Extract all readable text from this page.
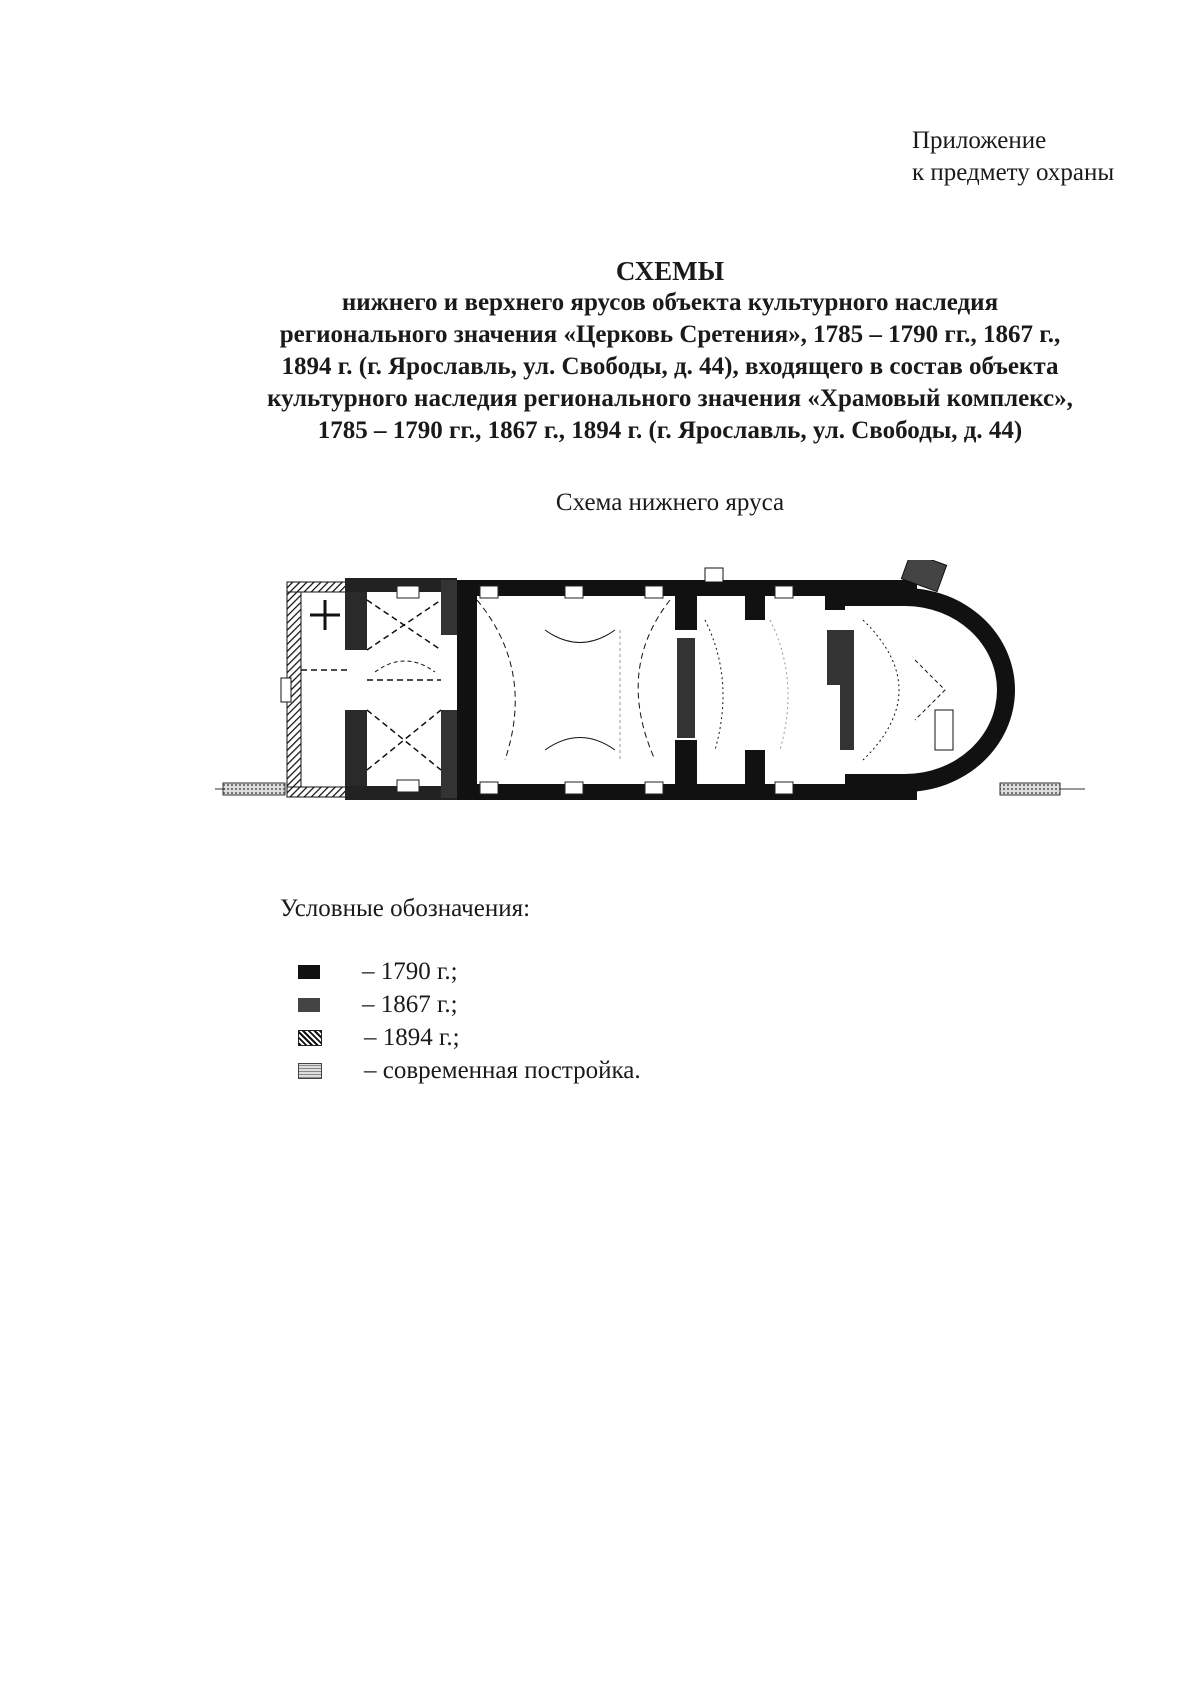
Приложение
к предмету охраны
СХЕМЫ
нижнего и верхнего ярусов объекта культурного наследия
регионального значения «Церковь Сретения», 1785 – 1790 гг., 1867 г.,
1894 г. (г. Ярославль, ул. Свободы, д. 44), входящего в состав объекта
культурного наследия регионального значения «Храмовый комплекс»,
1785 – 1790 гг., 1867 г., 1894 г. (г. Ярославль, ул. Свободы, д. 44)
Схема нижнего яруса
Условные обозначения:
– 1790 г.;
– 1867 г.;
– 1894 г.;
– современная постройка.
